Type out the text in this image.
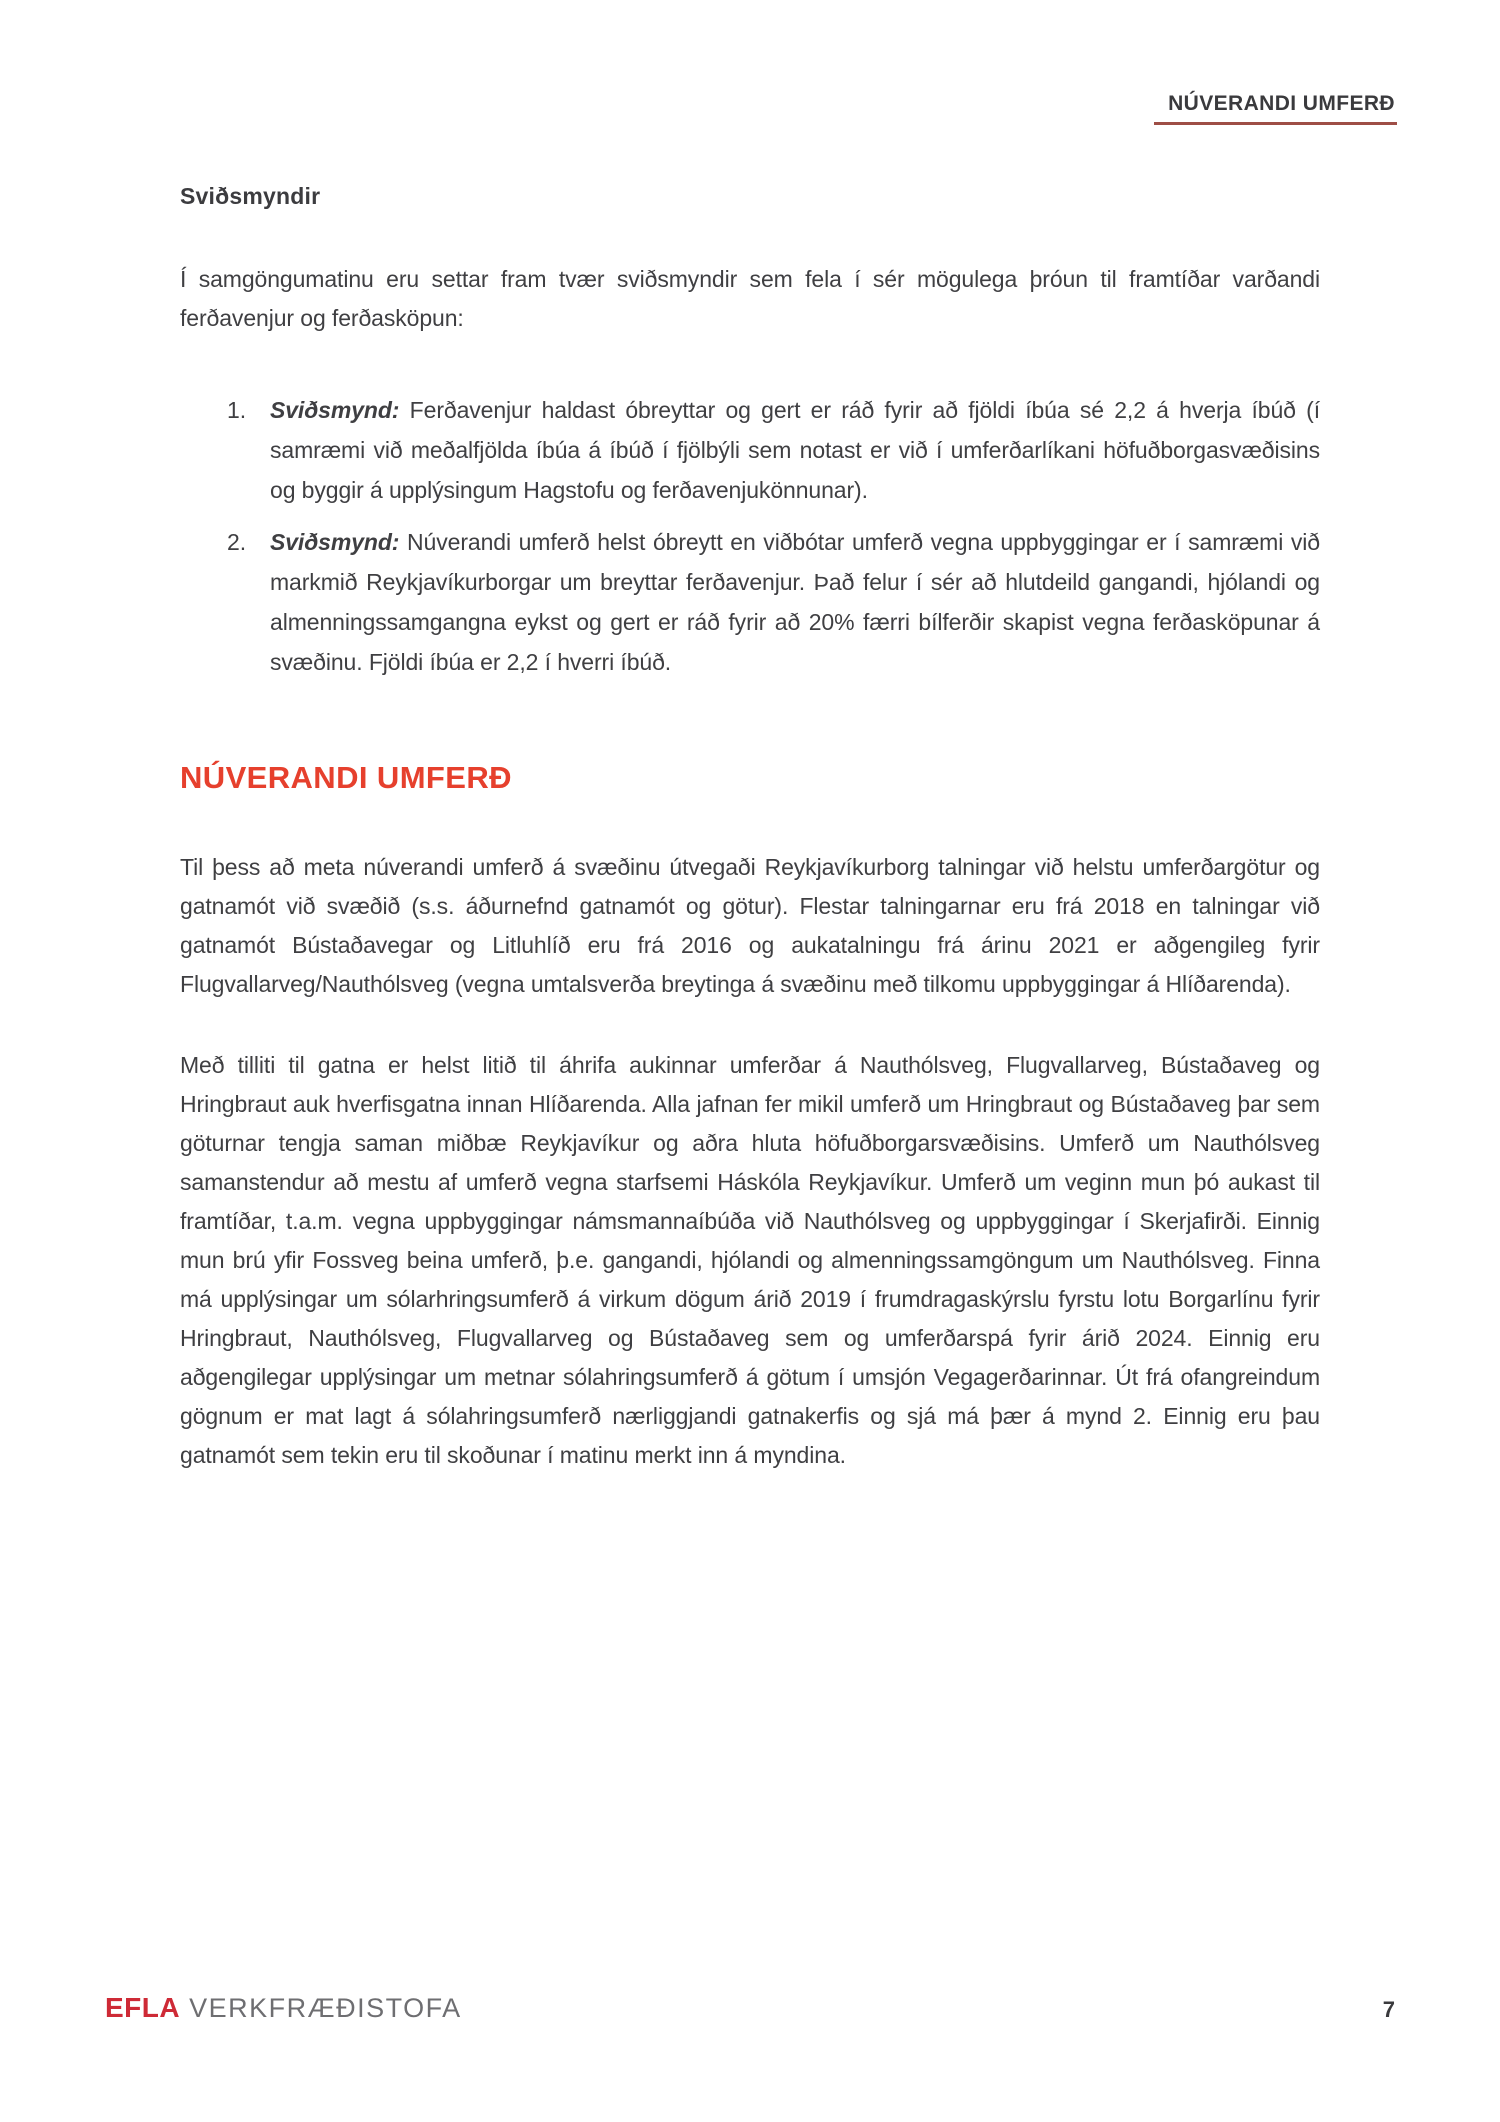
NÚVERANDI UMFERÐ
Sviðsmyndir

Í samgöngumatinu eru settar fram tvær sviðsmyndir sem fela í sér mögulega þróun til framtíðar varðandi ferðavenjur og ferðasköpun:

1.	Sviðsmynd: Ferðavenjur haldast óbreyttar og gert er ráð fyrir að fjöldi íbúa sé 2,2 á hverja íbúð (í samræmi við meðalfjölda íbúa á íbúð í fjölbýli sem notast er við í umferðarlíkani höfuðborgasvæðisins og byggir á upplýsingum Hagstofu og ferðavenjukönnunar).
2.	Sviðsmynd: Núverandi umferð helst óbreytt en viðbótar umferð vegna uppbyggingar er í samræmi við markmið Reykjavíkurborgar um breyttar ferðavenjur. Það felur í sér að hlutdeild gangandi, hjólandi og almenningssamgangna eykst og gert er ráð fyrir að 20% færri bílferðir skapist vegna ferðasköpunar á svæðinu. Fjöldi íbúa er 2,2 í hverri íbúð.
NÚVERANDI UMFERÐ

Til þess að meta núverandi umferð á svæðinu útvegaði Reykjavíkurborg talningar við helstu umferðargötur og gatnamót við svæðið (s.s. áðurnefnd gatnamót og götur). Flestar talningarnar eru frá 2018 en talningar við gatnamót Bústaðavegar og Litluhlíð eru frá 2016 og aukatalningu frá árinu 2021 er aðgengileg fyrir Flugvallarveg/Nauthólsveg (vegna umtalsverða breytinga á svæðinu með tilkomu uppbyggingar á Hlíðarenda).

Með tilliti til gatna er helst litið til áhrifa aukinnar umferðar á Nauthólsveg, Flugvallarveg, Bústaðaveg og Hringbraut auk hverfisgatna innan Hlíðarenda. Alla jafnan fer mikil umferð um Hringbraut og Bústaðaveg þar sem göturnar tengja saman miðbæ Reykjavíkur og aðra hluta höfuðborgarsvæðisins. Umferð um Nauthólsveg samanstendur að mestu af umferð vegna starfsemi Háskóla Reykjavíkur. Umferð um veginn mun þó aukast til framtíðar, t.a.m. vegna uppbyggingar námsmannaíbúða við Nauthólsveg og uppbyggingar í Skerjafirði. Einnig mun brú yfir Fossveg beina umferð, þ.e. gangandi, hjólandi og almenningssamgöngum um Nauthólsveg. Finna má upplýsingar um sólarhringsumferð á virkum dögum árið 2019 í frumdragaskýrslu fyrstu lotu Borgarlínu fyrir Hringbraut, Nauthólsveg, Flugvallarveg og Bústaðaveg sem og umferðarspá fyrir árið 2024. Einnig eru aðgengilegar upplýsingar um metnar sólahringsumferð á götum í umsjón Vegagerðarinnar. Út frá ofangreindum gögnum er mat lagt á sólahringsumferð nærliggjandi gatnakerfis og sjá má þær á mynd 2. Einnig eru þau gatnamót sem tekin eru til skoðunar í matinu merkt inn á myndina.

EFLA VERKFRÆÐISTOFA	7
